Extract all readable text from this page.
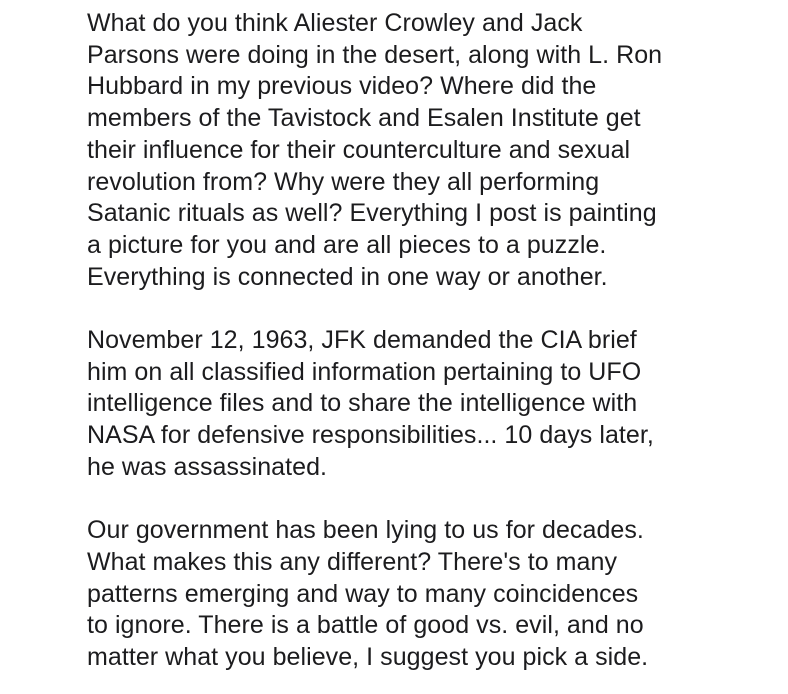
What do you think Aliester Crowley and Jack
Parsons were doing in the desert, along with L. Ron
Hubbard in my previous video? Where did the
members of the Tavistock and Esalen Institute get
their influence for their counterculture and sexual
revolution from? Why were they all performing
Satanic rituals as well? Everything I post is painting
a picture for you and are all pieces to a puzzle.
Everything is connected in one way or another.

November 12, 1963, JFK demanded the CIA brief
him on all classified information pertaining to UFO
intelligence files and to share the intelligence with
NASA for defensive responsibilities... 10 days later,
he was assassinated.

Our government has been lying to us for decades.
What makes this any different? There's to many
patterns emerging and way to many coincidences
to ignore. There is a battle of good vs. evil, and no
matter what you believe, I suggest you pick a side.
